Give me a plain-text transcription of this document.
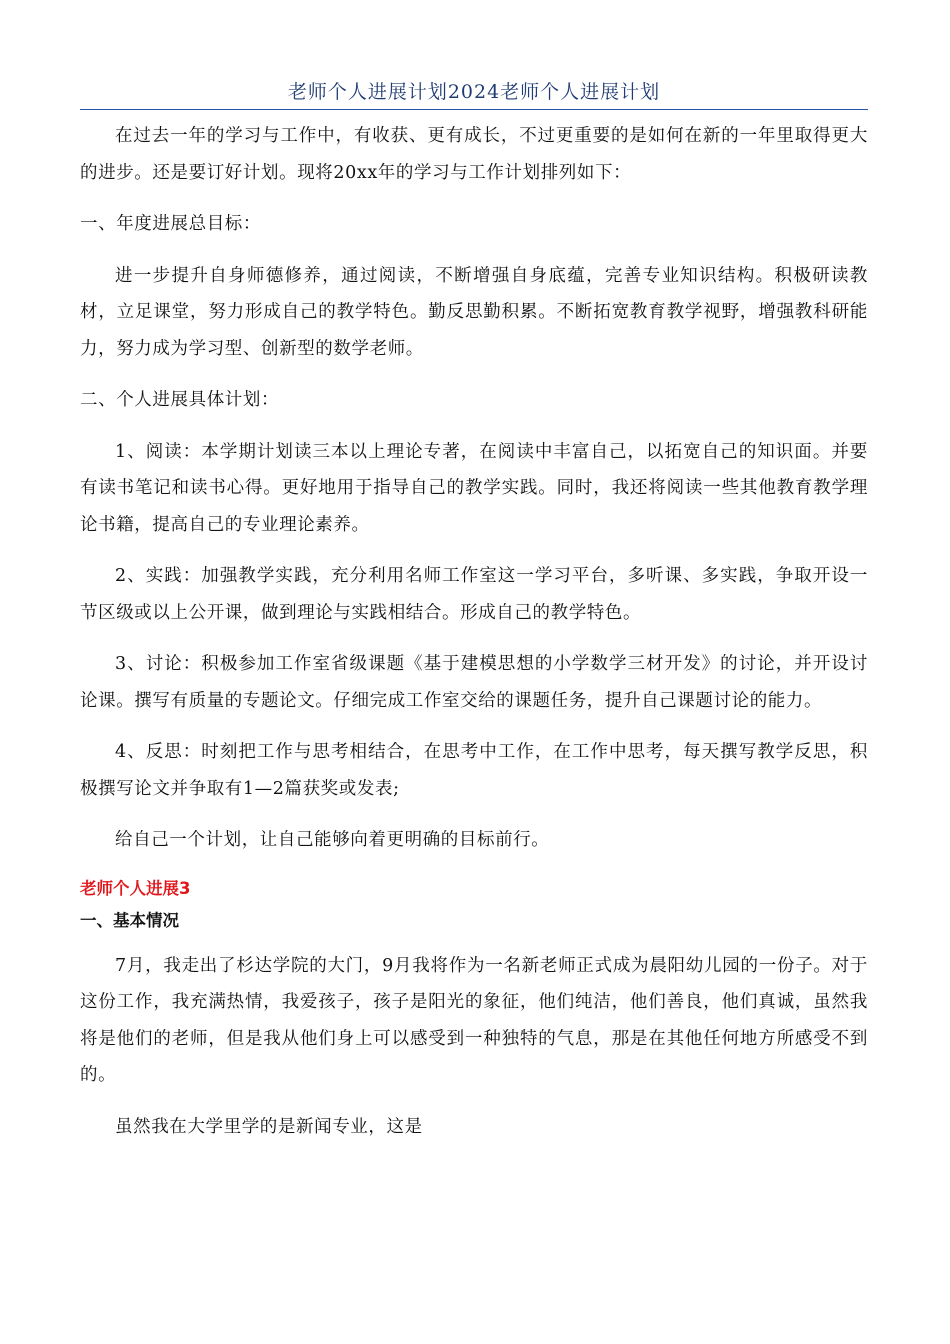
老师个人进展计划2024老师个人进展计划

在过去一年的学习与工作中，有收获、更有成长，不过更重要的是如何在新的一年里取得更大的进步。还是要订好计划。现将20xx年的学习与工作计划排列如下：

一、年度进展总目标：

进一步提升自身师德修养，通过阅读，不断增强自身底蕴，完善专业知识结构。积极研读教材，立足课堂，努力形成自己的教学特色。勤反思勤积累。不断拓宽教育教学视野，增强教科研能力，努力成为学习型、创新型的数学老师。

二、个人进展具体计划：

1、阅读：本学期计划读三本以上理论专著，在阅读中丰富自己，以拓宽自己的知识面。并要有读书笔记和读书心得。更好地用于指导自己的教学实践。同时，我还将阅读一些其他教育教学理论书籍，提高自己的专业理论素养。

2、实践：加强教学实践，充分利用名师工作室这一学习平台，多听课、多实践，争取开设一节区级或以上公开课，做到理论与实践相结合。形成自己的教学特色。

3、讨论：积极参加工作室省级课题《基于建模思想的小学数学三材开发》的讨论，并开设讨论课。撰写有质量的专题论文。仔细完成工作室交给的课题任务，提升自己课题讨论的能力。

4、反思：时刻把工作与思考相结合，在思考中工作，在工作中思考，每天撰写教学反思，积极撰写论文并争取有1—2篇获奖或发表;

给自己一个计划，让自己能够向着更明确的目标前行。

老师个人进展3
一、基本情况

7月，我走出了杉达学院的大门，9月我将作为一名新老师正式成为晨阳幼儿园的一份子。对于这份工作，我充满热情，我爱孩子，孩子是阳光的象征，他们纯洁，他们善良，他们真诚，虽然我将是他们的老师，但是我从他们身上可以感受到一种独特的气息，那是在其他任何地方所感受不到的。

虽然我在大学里学的是新闻专业，这是
